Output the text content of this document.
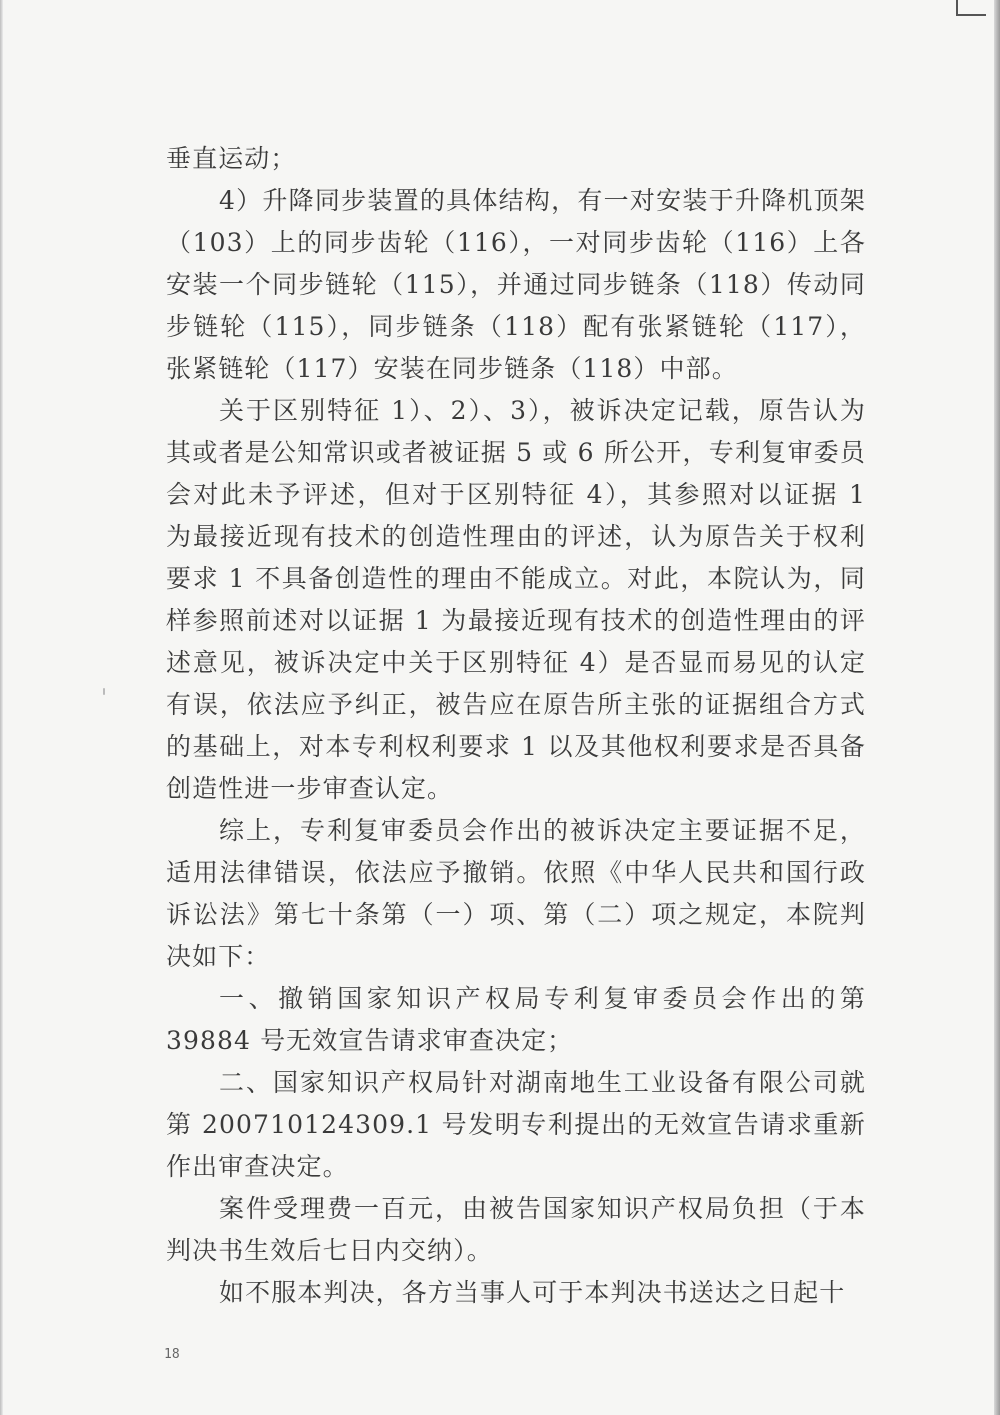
垂直运动；

4）升降同步装置的具体结构，有一对安装于升降机顶架（103）上的同步齿轮（116），一对同步齿轮（116）上各安装一个同步链轮（115），并通过同步链条（118）传动同步链轮（115），同步链条（118）配有张紧链轮（117），张紧链轮（117）安装在同步链条（118）中部。

关于区别特征 1）、2）、3），被诉决定记载，原告认为其或者是公知常识或者被证据 5 或 6 所公开，专利复审委员会对此未予评述，但对于区别特征 4），其参照对以证据 1 为最接近现有技术的创造性理由的评述，认为原告关于权利要求 1 不具备创造性的理由不能成立。对此，本院认为，同样参照前述对以证据 1 为最接近现有技术的创造性理由的评述意见，被诉决定中关于区别特征 4）是否显而易见的认定有误，依法应予纠正，被告应在原告所主张的证据组合方式的基础上，对本专利权利要求 1 以及其他权利要求是否具备创造性进一步审查认定。

综上，专利复审委员会作出的被诉决定主要证据不足，适用法律错误，依法应予撤销。依照《中华人民共和国行政诉讼法》第七十条第（一）项、第（二）项之规定，本院判决如下：

一、撤销国家知识产权局专利复审委员会作出的第 39884 号无效宣告请求审查决定；

二、国家知识产权局针对湖南地生工业设备有限公司就第 200710124309.1 号发明专利提出的无效宣告请求重新作出审查决定。

案件受理费一百元，由被告国家知识产权局负担（于本判决书生效后七日内交纳）。

如不服本判决，各方当事人可于本判决书送达之日起十

18
